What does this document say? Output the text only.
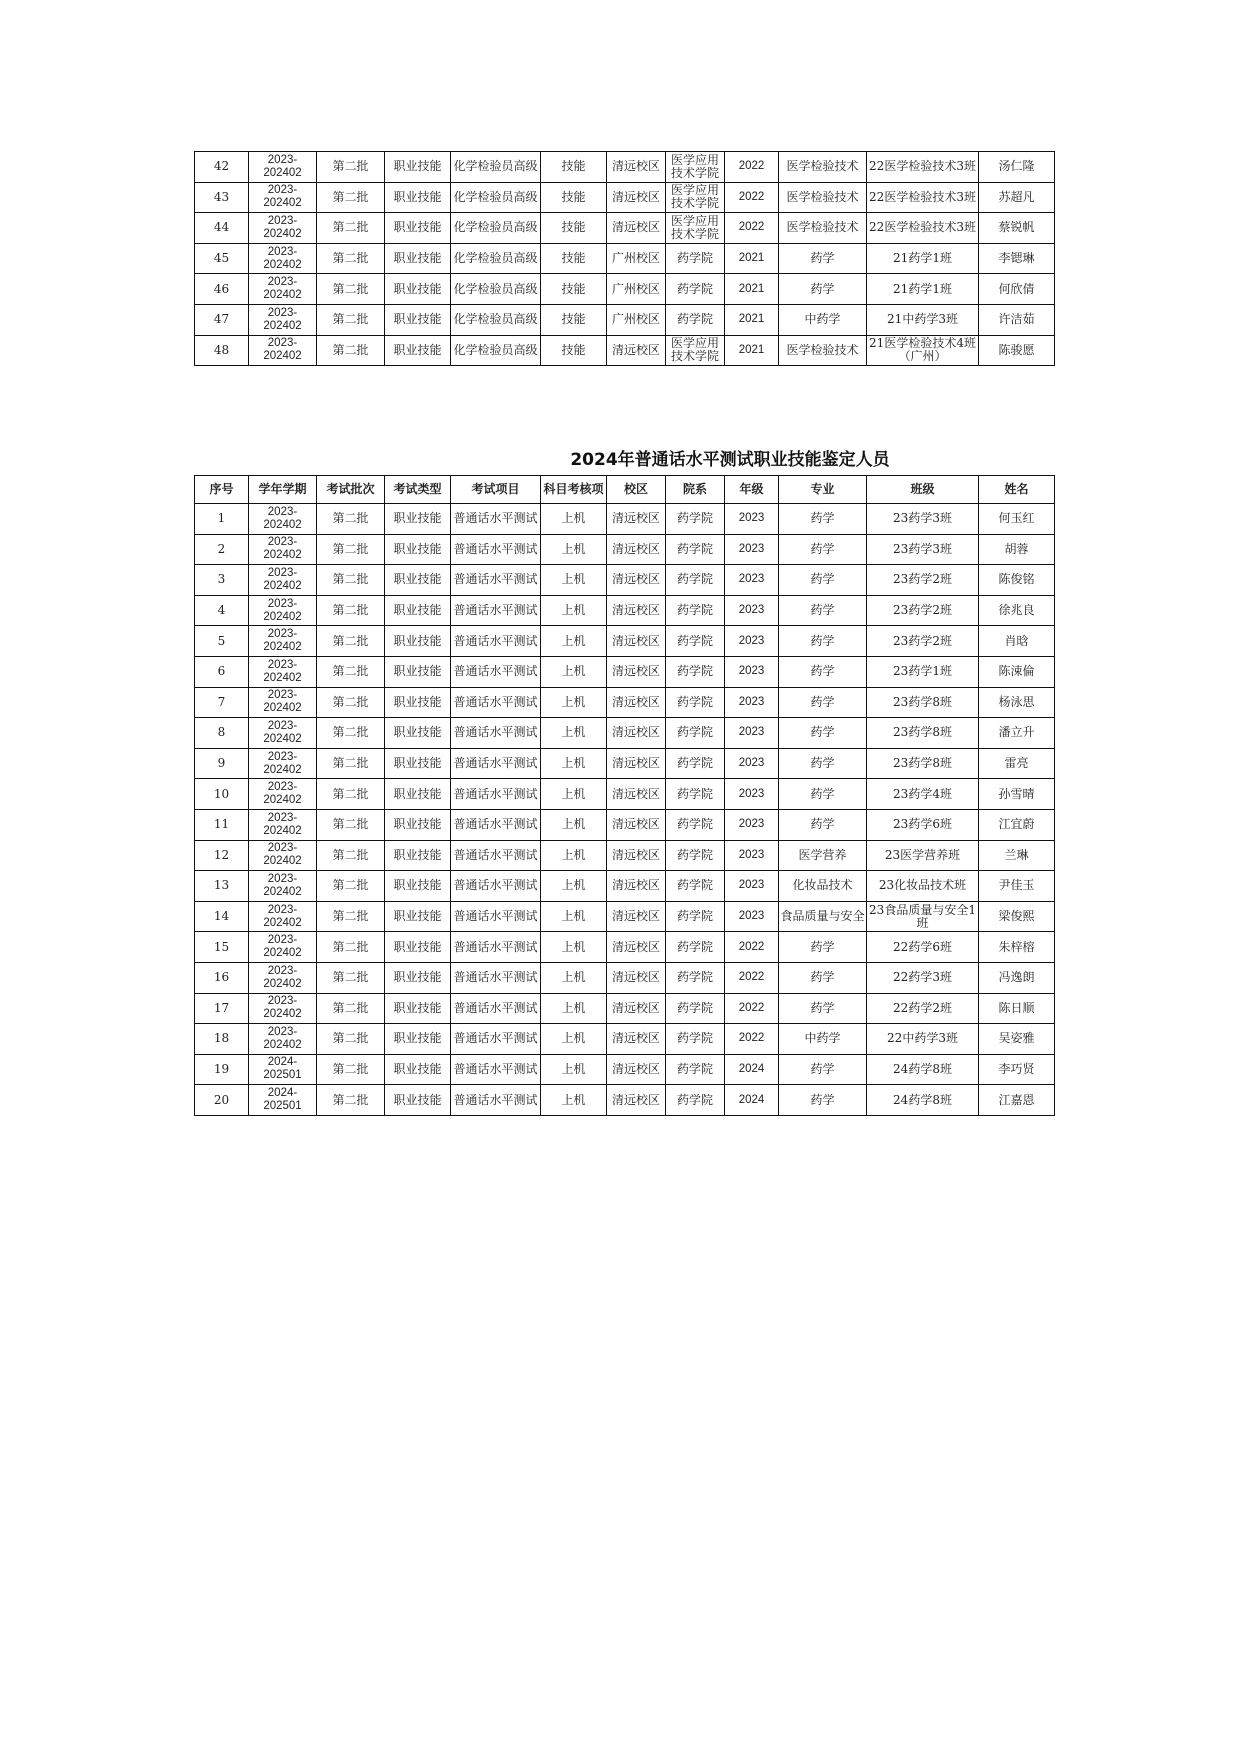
42	2023-202402	第二批	职业技能	化学检验员高级	技能	清远校区	医学应用技术学院	2022	医学检验技术	22医学检验技术3班	汤仁隆
43	2023-202402	第二批	职业技能	化学检验员高级	技能	清远校区	医学应用技术学院	2022	医学检验技术	22医学检验技术3班	苏超凡
44	2023-202402	第二批	职业技能	化学检验员高级	技能	清远校区	医学应用技术学院	2022	医学检验技术	22医学检验技术3班	蔡锐帆
45	2023-202402	第二批	职业技能	化学检验员高级	技能	广州校区	药学院	2021	药学	21药学1班	李锶琳
46	2023-202402	第二批	职业技能	化学检验员高级	技能	广州校区	药学院	2021	药学	21药学1班	何欣倩
47	2023-202402	第二批	职业技能	化学检验员高级	技能	广州校区	药学院	2021	中药学	21中药学3班	许洁茹
48	2023-202402	第二批	职业技能	化学检验员高级	技能	清远校区	医学应用技术学院	2021	医学检验技术	21医学检验技术4班（广州）	陈骏愿
2024年普通话水平测试职业技能鉴定人员
序号	学年学期	考试批次	考试类型	考试项目	科目考核项	校区	院系	年级	专业	班级	姓名
1	2023-202402	第二批	职业技能	普通话水平测试	上机	清远校区	药学院	2023	药学	23药学3班	何玉红
2	2023-202402	第二批	职业技能	普通话水平测试	上机	清远校区	药学院	2023	药学	23药学3班	胡蓉
3	2023-202402	第二批	职业技能	普通话水平测试	上机	清远校区	药学院	2023	药学	23药学2班	陈俊铭
4	2023-202402	第二批	职业技能	普通话水平测试	上机	清远校区	药学院	2023	药学	23药学2班	徐兆良
5	2023-202402	第二批	职业技能	普通话水平测试	上机	清远校区	药学院	2023	药学	23药学2班	肖晗
6	2023-202402	第二批	职业技能	普通话水平测试	上机	清远校区	药学院	2023	药学	23药学1班	陈涑倫
7	2023-202402	第二批	职业技能	普通话水平测试	上机	清远校区	药学院	2023	药学	23药学8班	杨泳思
8	2023-202402	第二批	职业技能	普通话水平测试	上机	清远校区	药学院	2023	药学	23药学8班	潘立升
9	2023-202402	第二批	职业技能	普通话水平测试	上机	清远校区	药学院	2023	药学	23药学8班	雷亮
10	2023-202402	第二批	职业技能	普通话水平测试	上机	清远校区	药学院	2023	药学	23药学4班	孙雪晴
11	2023-202402	第二批	职业技能	普通话水平测试	上机	清远校区	药学院	2023	药学	23药学6班	江宜蔚
12	2023-202402	第二批	职业技能	普通话水平测试	上机	清远校区	药学院	2023	医学营养	23医学营养班	兰琳
13	2023-202402	第二批	职业技能	普通话水平测试	上机	清远校区	药学院	2023	化妆品技术	23化妆品技术班	尹佳玉
14	2023-202402	第二批	职业技能	普通话水平测试	上机	清远校区	药学院	2023	食品质量与安全	23食品质量与安全1班	梁俊熙
15	2023-202402	第二批	职业技能	普通话水平测试	上机	清远校区	药学院	2022	药学	22药学6班	朱梓榕
16	2023-202402	第二批	职业技能	普通话水平测试	上机	清远校区	药学院	2022	药学	22药学3班	冯逸朗
17	2023-202402	第二批	职业技能	普通话水平测试	上机	清远校区	药学院	2022	药学	22药学2班	陈日顺
18	2023-202402	第二批	职业技能	普通话水平测试	上机	清远校区	药学院	2022	中药学	22中药学3班	吴姿雅
19	2024-202501	第二批	职业技能	普通话水平测试	上机	清远校区	药学院	2024	药学	24药学8班	李巧贤
20	2024-202501	第二批	职业技能	普通话水平测试	上机	清远校区	药学院	2024	药学	24药学8班	江嘉恩
